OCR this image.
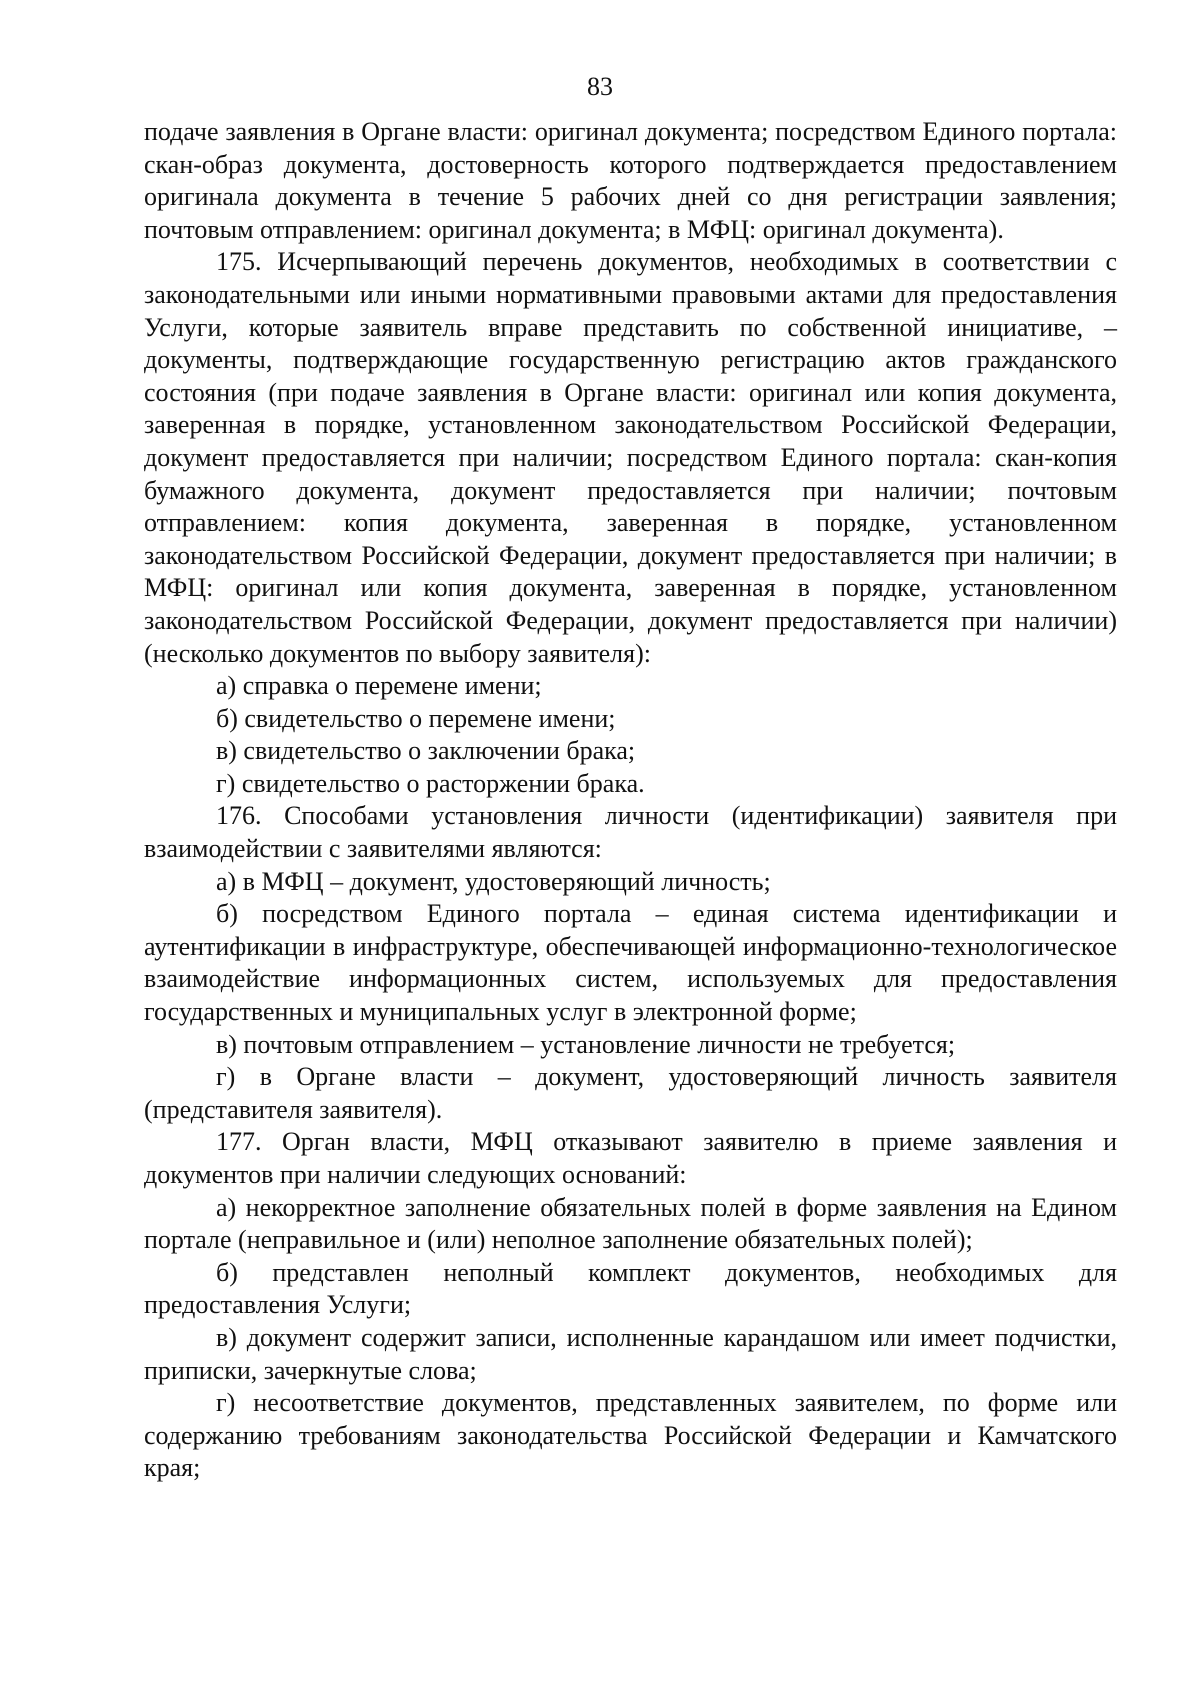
83

подаче заявления в Органе власти: оригинал документа; посредством Единого портала: скан-образ документа, достоверность которого подтверждается предоставлением оригинала документа в течение 5 рабочих дней со дня регистрации заявления; почтовым отправлением: оригинал документа; в МФЦ: оригинал документа).

175. Исчерпывающий перечень документов, необходимых в соответствии с законодательными или иными нормативными правовыми актами для предоставления Услуги, которые заявитель вправе представить по собственной инициативе, – документы, подтверждающие государственную регистрацию актов гражданского состояния (при подаче заявления в Органе власти: оригинал или копия документа, заверенная в порядке, установленном законодательством Российской Федерации, документ предоставляется при наличии; посредством Единого портала: скан-копия бумажного документа, документ предоставляется при наличии; почтовым отправлением: копия документа, заверенная в порядке, установленном законодательством Российской Федерации, документ предоставляется при наличии; в МФЦ: оригинал или копия документа, заверенная в порядке, установленном законодательством Российской Федерации, документ предоставляется при наличии) (несколько документов по выбору заявителя):

а) справка о перемене имени;

б) свидетельство о перемене имени;

в) свидетельство о заключении брака;

г) свидетельство о расторжении брака.

176. Способами установления личности (идентификации) заявителя при взаимодействии с заявителями являются:

а) в МФЦ – документ, удостоверяющий личность;

б) посредством Единого портала – единая система идентификации и аутентификации в инфраструктуре, обеспечивающей информационно-технологическое взаимодействие информационных систем, используемых для предоставления государственных и муниципальных услуг в электронной форме;

в) почтовым отправлением – установление личности не требуется;

г) в Органе власти – документ, удостоверяющий личность заявителя (представителя заявителя).

177. Орган власти, МФЦ отказывают заявителю в приеме заявления и документов при наличии следующих оснований:

а) некорректное заполнение обязательных полей в форме заявления на Едином портале (неправильное и (или) неполное заполнение обязательных полей);

б) представлен неполный комплект документов, необходимых для предоставления Услуги;

в) документ содержит записи, исполненные карандашом или имеет подчистки, приписки, зачеркнутые слова;

г) несоответствие документов, представленных заявителем, по форме или содержанию требованиям законодательства Российской Федерации и Камчатского края;
